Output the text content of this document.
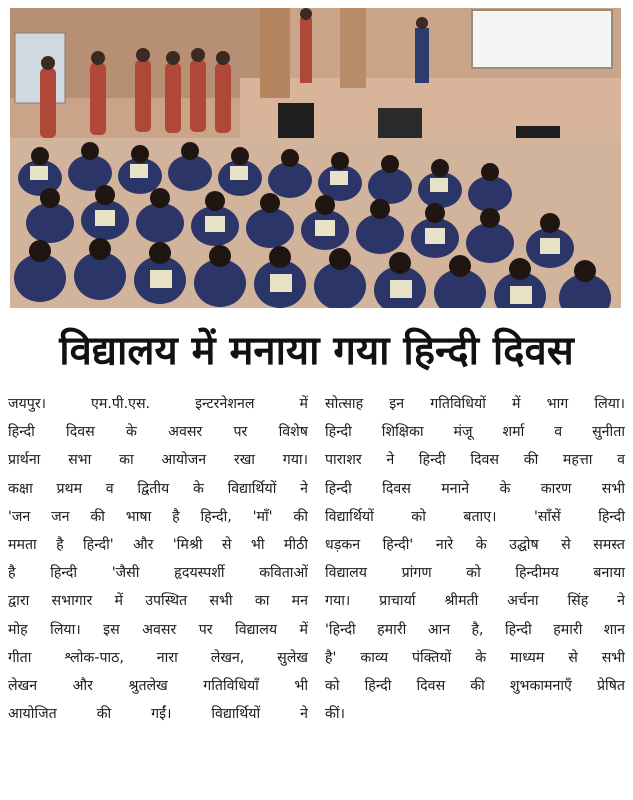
विद्यालय में मनाया गया हिन्दी दिवस
जयपुर। एम.पी.एस. इन्टरनेशनल में
हिन्दी दिवस के अवसर पर विशेष
प्रार्थना सभा का आयोजन रखा गया।
कक्षा प्रथम व द्वितीय के विद्यार्थियों ने
'जन जन की भाषा है हिन्दी, 'माँ' की
ममता है हिन्दी' और 'मिश्री से भी मीठी
है हिन्दी 'जैसी हृदयस्पर्शी कविताओं
द्वारा सभागार में उपस्थित सभी का मन
मोह लिया। इस अवसर पर विद्यालय में
गीता श्लोक-पाठ, नारा लेखन, सुलेख
लेखन और श्रुतलेख गतिविधियाँ भी
आयोजित की गईं। विद्यार्थियों ने
सोत्साह इन गतिविधियों में भाग लिया।
हिन्दी शिक्षिका मंजू शर्मा व सुनीता
पाराशर ने हिन्दी दिवस की महत्ता व
हिन्दी दिवस मनाने के कारण सभी
विद्यार्थियों को बताए। 'साँसें हिन्दी
धड़कन हिन्दी' नारे के उद्घोष से समस्त
विद्यालय प्रांगण को हिन्दीमय बनाया
गया। प्राचार्या श्रीमती अर्चना सिंह ने
'हिन्दी हमारी आन है, हिन्दी हमारी शान
है' काव्य पंक्तियों के माध्यम से सभी
को हिन्दी दिवस की शुभकामनाएँ प्रेषित
कीं।
